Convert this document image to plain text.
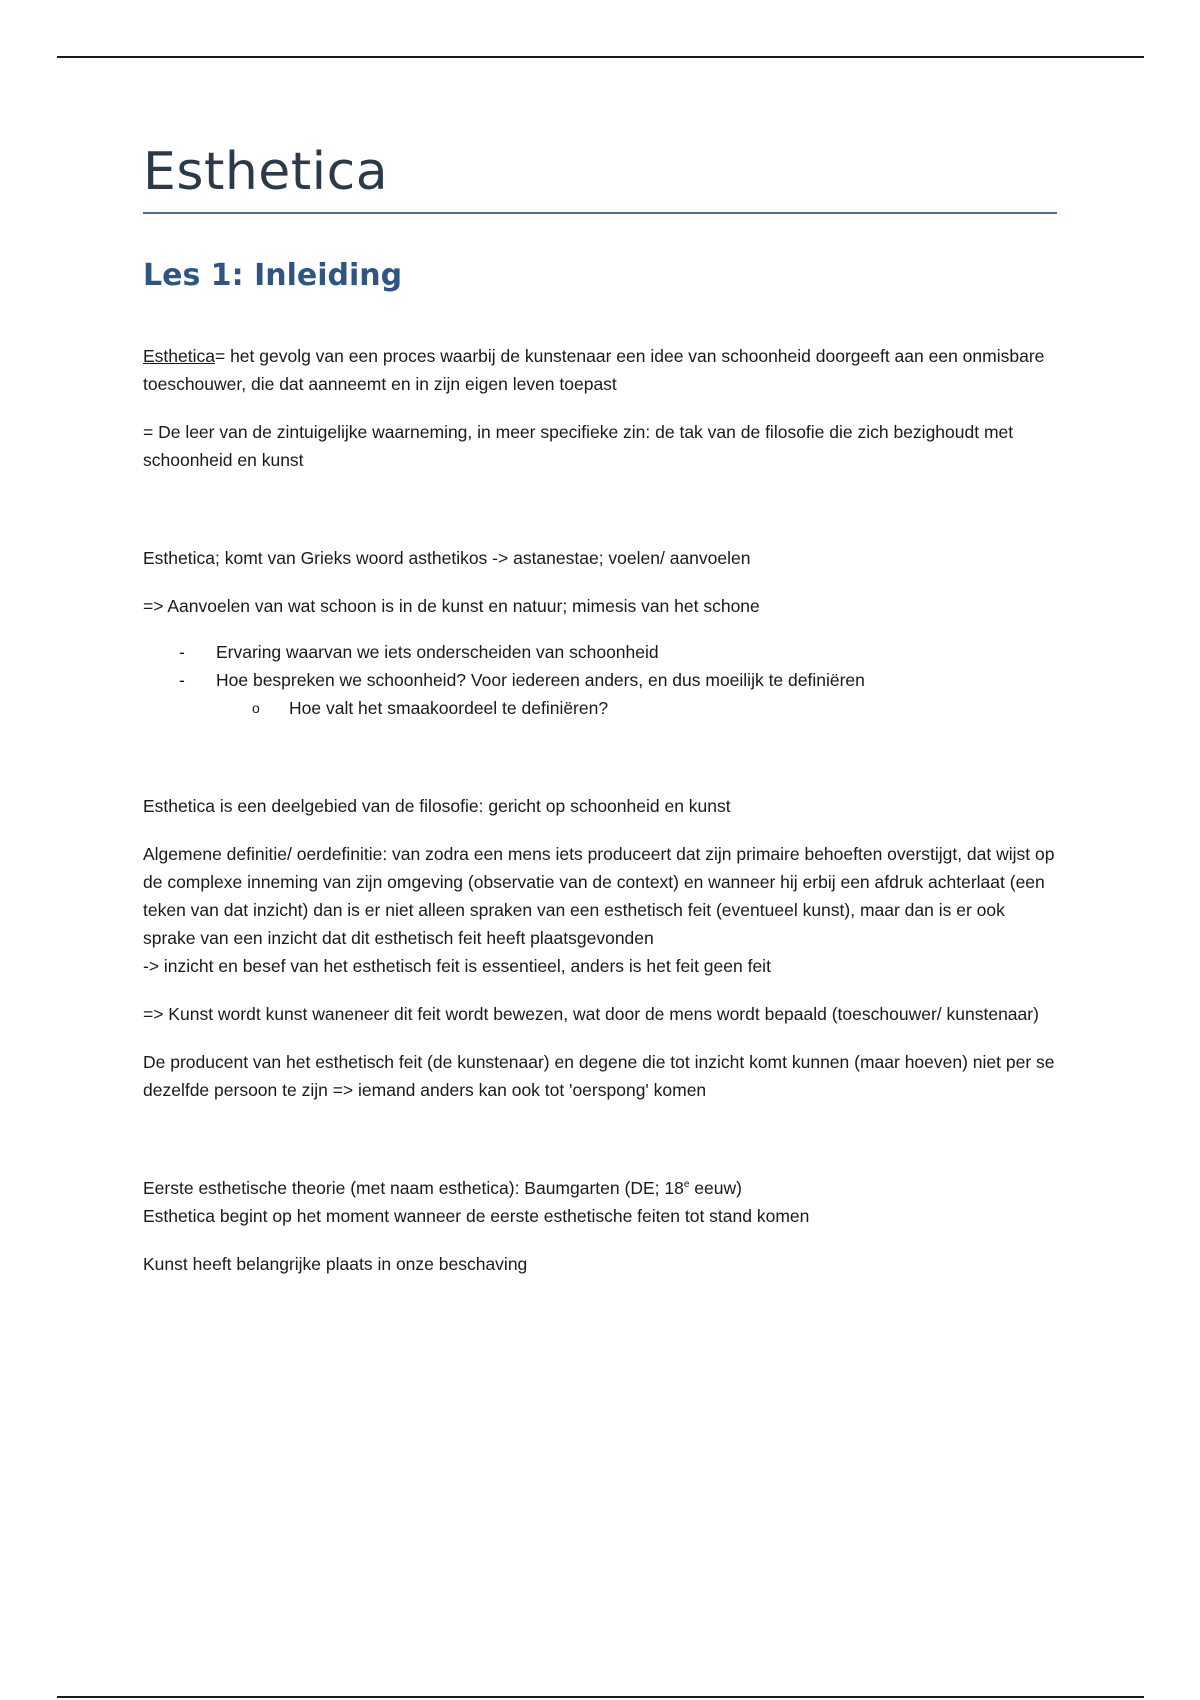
Esthetica
Les 1: Inleiding

Esthetica= het gevolg van een proces waarbij de kunstenaar een idee van schoonheid doorgeeft aan een onmisbare toeschouwer, die dat aanneemt en in zijn eigen leven toepast

= De leer van de zintuigelijke waarneming, in meer specifieke zin: de tak van de filosofie die zich bezighoudt met schoonheid en kunst

Esthetica; komt van Grieks woord asthetikos -> astanestae; voelen/ aanvoelen

=> Aanvoelen van wat schoon is in de kunst en natuur; mimesis van het schone

- Ervaring waarvan we iets onderscheiden van schoonheid
- Hoe bespreken we schoonheid? Voor iedereen anders, en dus moeilijk te definiëren
o Hoe valt het smaakoordeel te definiëren?

Esthetica is een deelgebied van de filosofie: gericht op schoonheid en kunst

Algemene definitie/ oerdefinitie: van zodra een mens iets produceert dat zijn primaire behoeften overstijgt, dat wijst op de complexe inneming van zijn omgeving (observatie van de context) en wanneer hij erbij een afdruk achterlaat (een teken van dat inzicht) dan is er niet alleen spraken van een esthetisch feit (eventueel kunst), maar dan is er ook sprake van een inzicht dat dit esthetisch feit heeft plaatsgevonden
-> inzicht en besef van het esthetisch feit is essentieel, anders is het feit geen feit

=> Kunst wordt kunst waneneer dit feit wordt bewezen, wat door de mens wordt bepaald (toeschouwer/ kunstenaar)

De producent van het esthetisch feit (de kunstenaar) en degene die tot inzicht komt kunnen (maar hoeven) niet per se dezelfde persoon te zijn => iemand anders kan ook tot 'oerspong' komen

Eerste esthetische theorie (met naam esthetica): Baumgarten (DE; 18e eeuw)
Esthetica begint op het moment wanneer de eerste esthetische feiten tot stand komen

Kunst heeft belangrijke plaats in onze beschaving
